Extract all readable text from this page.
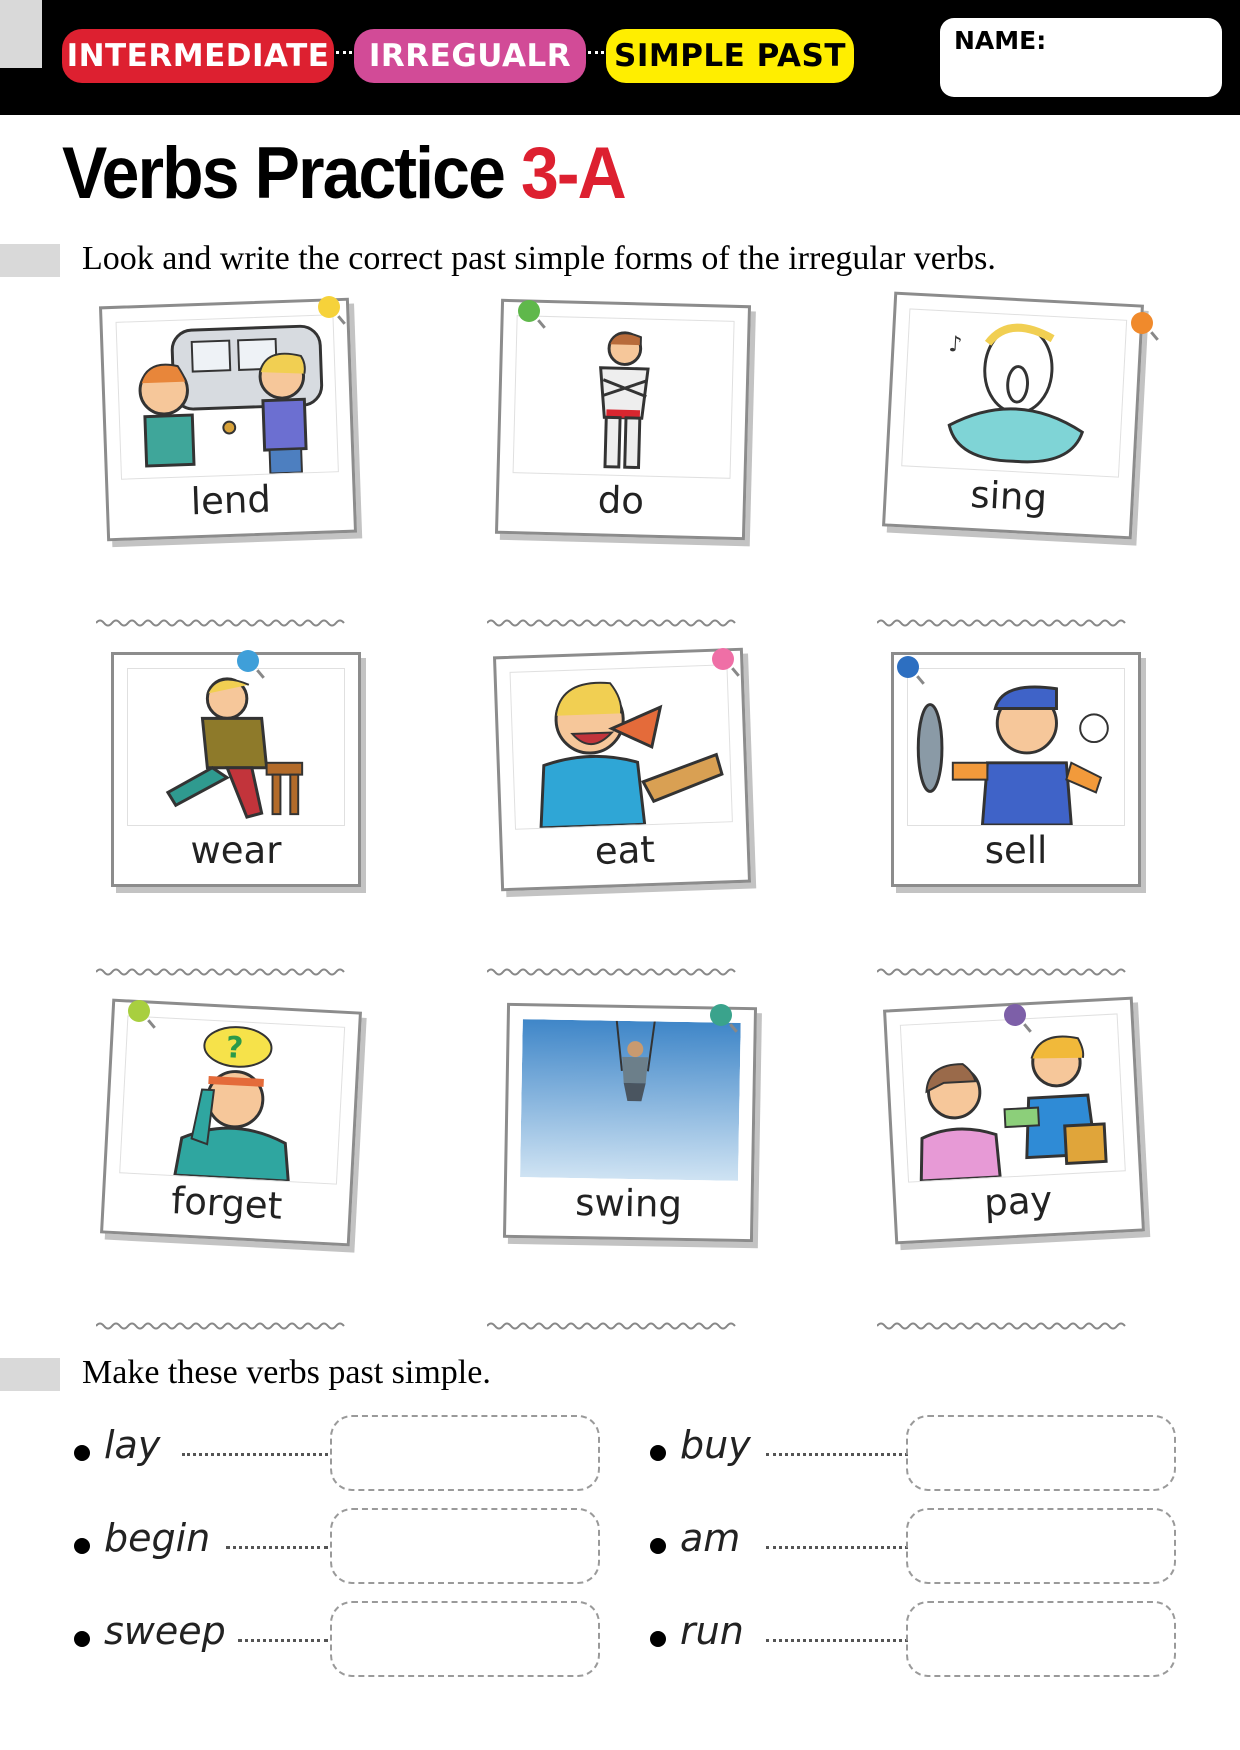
INTERMEDIATE	IRREGUALR	SIMPLE PAST	NAME:
Verbs Practice 3-A
Look and write the correct past simple forms of the irregular verbs.
lend	do
♪
sing
wear	eat	sell
?
forget	swing	pay
Make these verbs past simple.
lay	buy
begin	am
sweep	run
